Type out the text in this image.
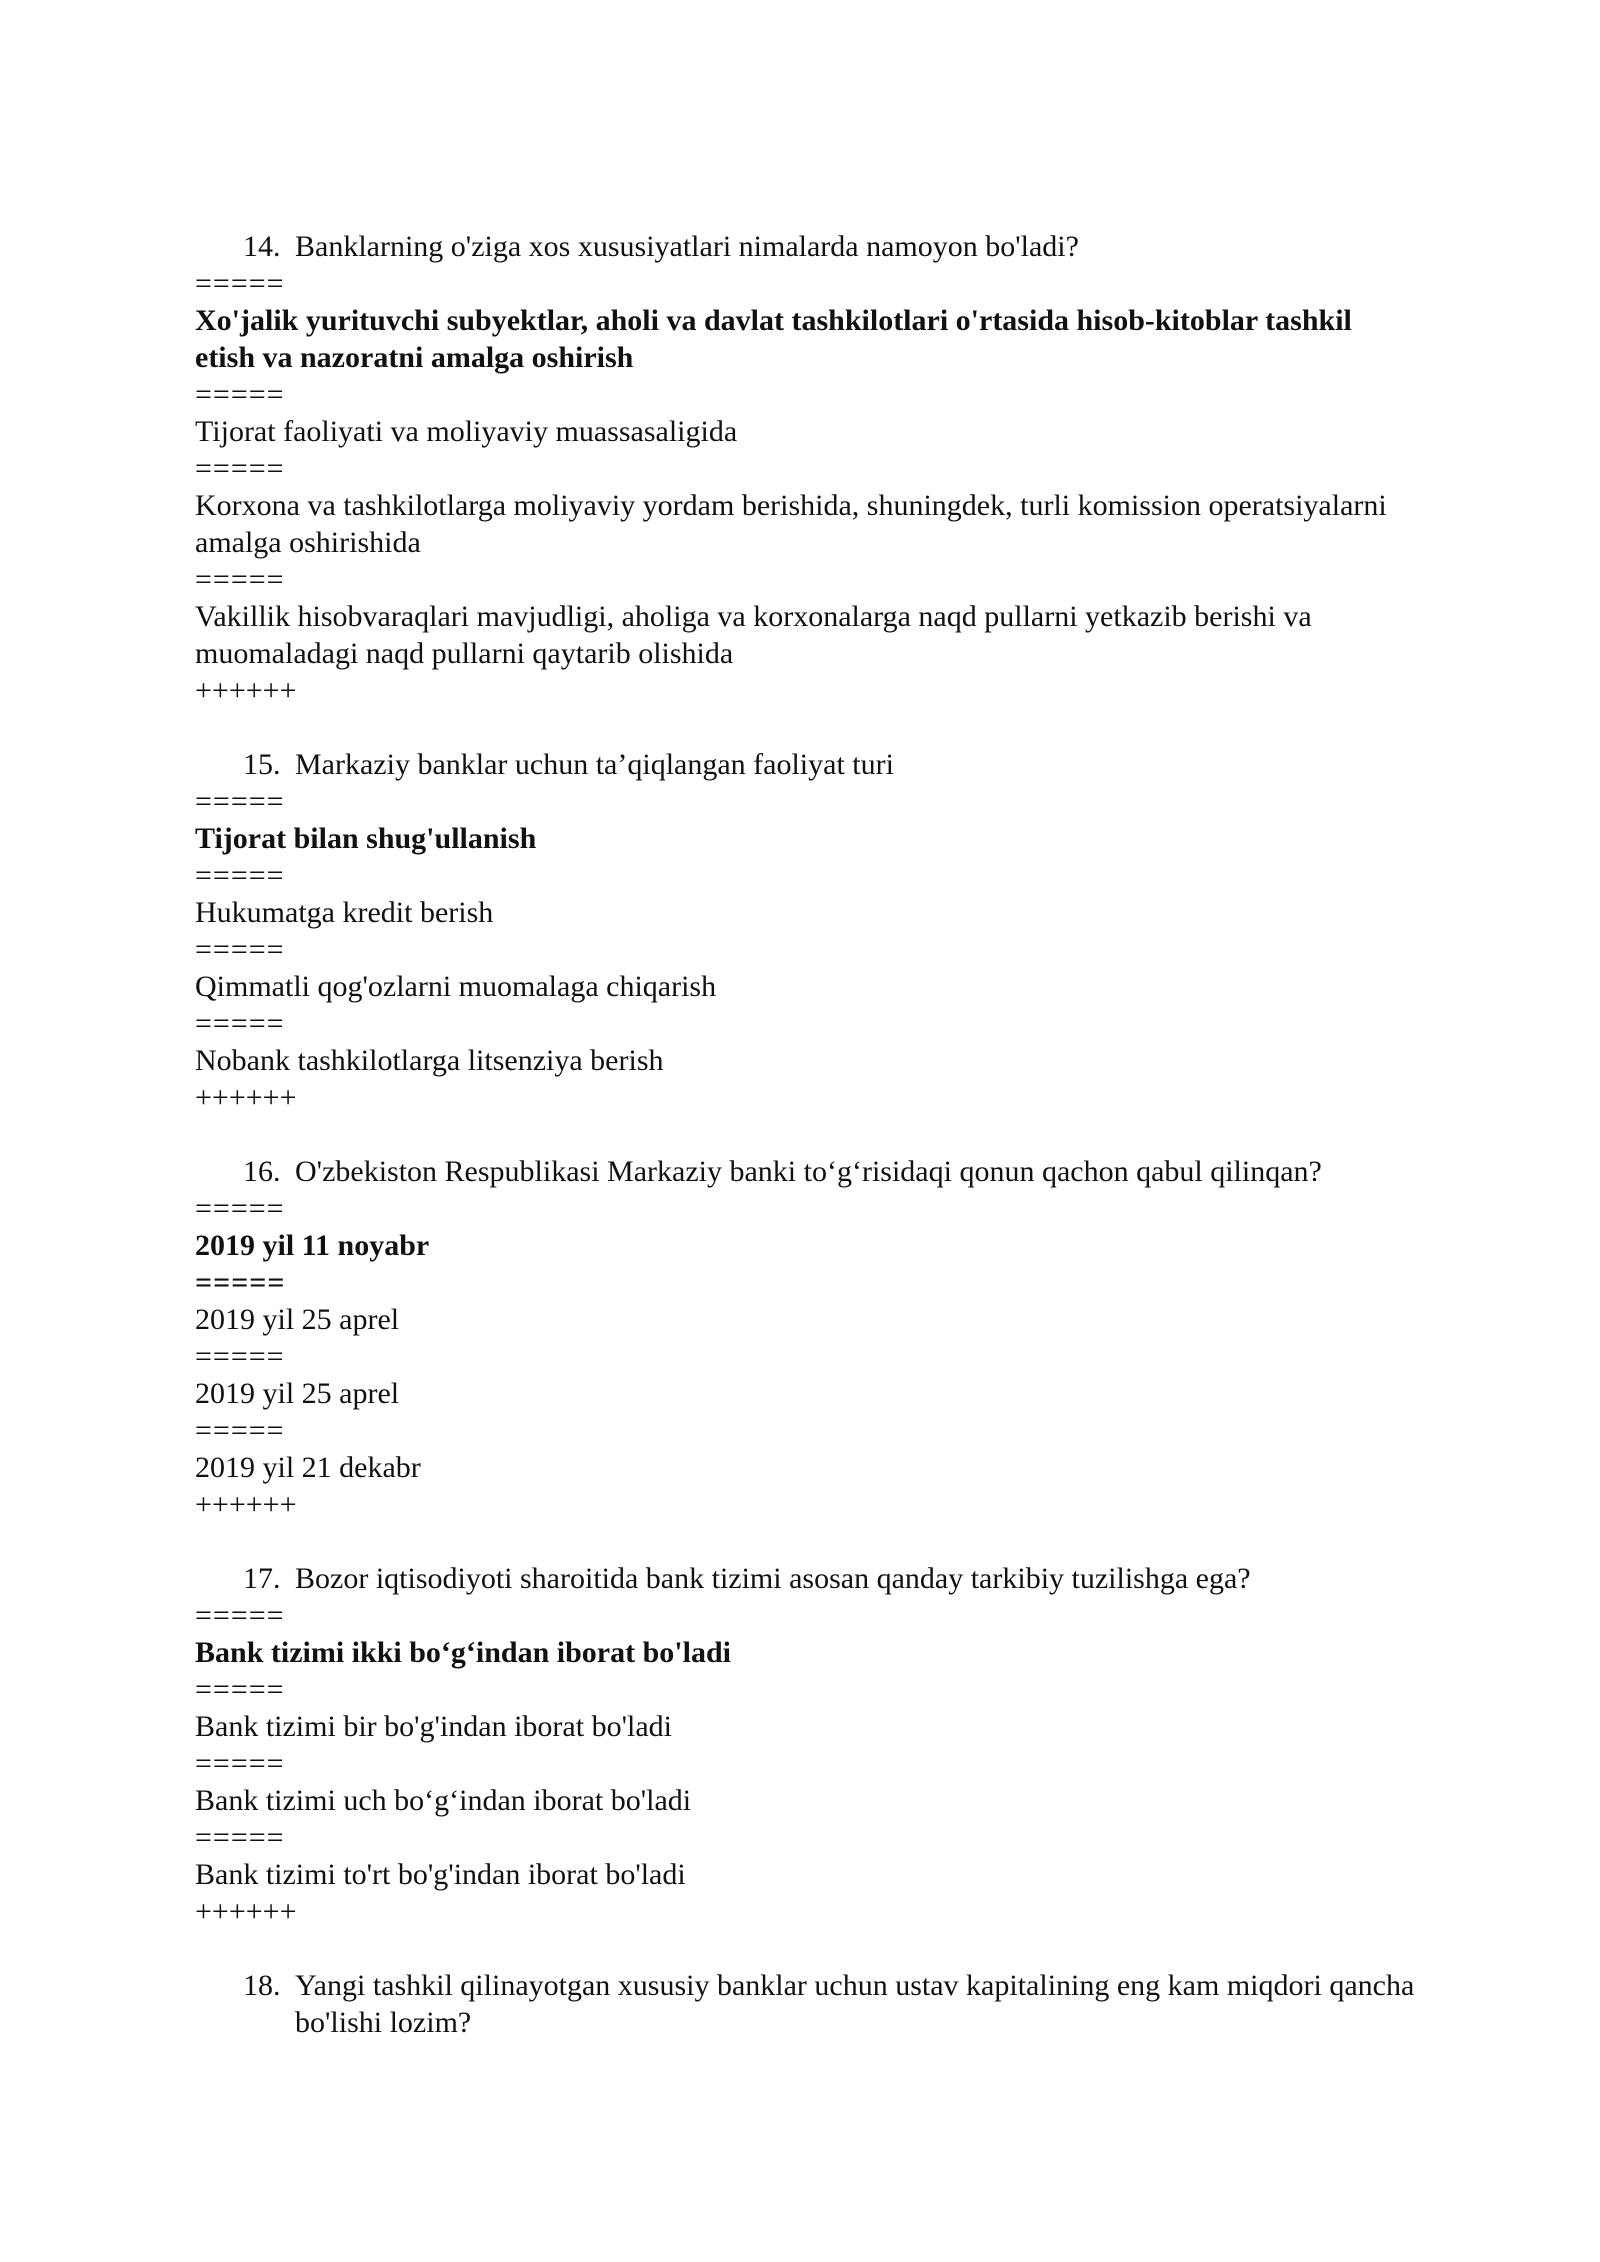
14. Banklarning o'ziga xos xususiyatlari nimalarda namoyon bo'ladi?
=====
Xo'jalik yurituvchi subyektlar, aholi va davlat tashkilotlari o'rtasida hisob-kitoblar tashkil etish va nazoratni amalga oshirish
=====
Tijorat faoliyati va moliyaviy muassasaligida
=====
Korxona va tashkilotlarga moliyaviy yordam berishida, shuningdek, turli komission operatsiyalarni amalga oshirishida
=====
Vakillik hisobvaraqlari mavjudligi, aholiga va korxonalarga naqd pullarni yetkazib berishi va muomaladagi naqd pullarni qaytarib olishida
++++++
15. Markaziy banklar uchun ta’qiqlangan faoliyat turi
=====
Tijorat bilan shug'ullanish
=====
Hukumatga kredit berish
=====
Qimmatli qog'ozlarni muomalaga chiqarish
=====
Nobank tashkilotlarga litsenziya berish
++++++
16. O'zbekiston Respublikasi Markaziy banki to‘g‘risidaqi qonun qachon qabul qilinqan?
=====
2019 yil 11 noyabr
=====
2019 yil 25 aprel
=====
2019 yil 25 aprel
=====
2019 yil 21 dekabr
++++++
17. Bozor iqtisodiyoti sharoitida bank tizimi asosan qanday tarkibiy tuzilishga ega?
=====
Bank tizimi ikki bo‘g‘indan iborat bo'ladi
=====
Bank tizimi bir bo'g'indan iborat bo'ladi
=====
Bank tizimi uch bo‘g‘indan iborat bo'ladi
=====
Bank tizimi to'rt bo'g'indan iborat bo'ladi
++++++
18. Yangi tashkil qilinayotgan xususiy banklar uchun ustav kapitalining eng kam miqdori qancha bo'lishi lozim?
